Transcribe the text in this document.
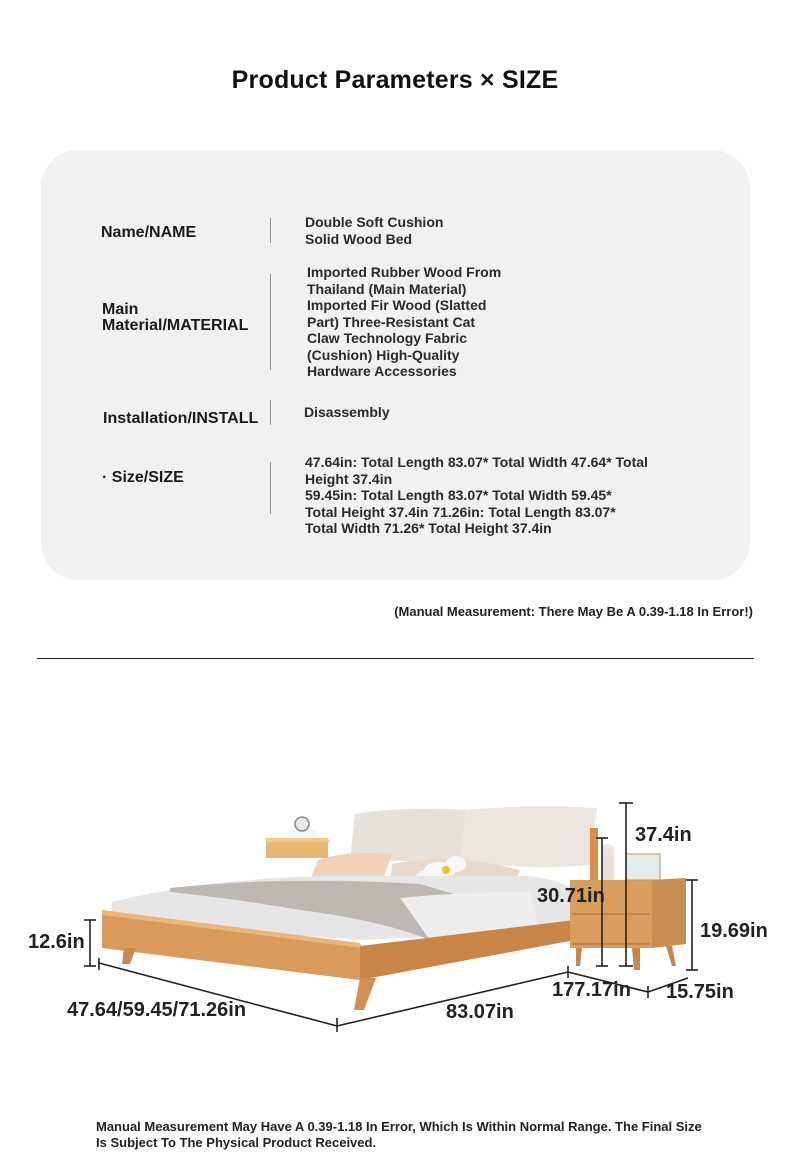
Product Parameters × SIZE
Name/NAME
Double Soft Cushion
Solid Wood Bed
Main
Material/MATERIAL
Imported Rubber Wood From
Thailand (Main Material)
Imported Fir Wood (Slatted
Part) Three-Resistant Cat
Claw Technology Fabric
(Cushion) High-Quality
Hardware Accessories
Installation/INSTALL	Disassembly
· Size/SIZE
47.64in: Total Length 83.07* Total Width 47.64* Total
Height 37.4in
59.45in: Total Length 83.07* Total Width 59.45*
Total Height 37.4in 71.26in: Total Length 83.07*
Total Width 71.26* Total Height 37.4in
(Manual Measurement: There May Be A 0.39-1.18 In Error!)
12.6in
47.64/59.45/71.26in	83.07in
37.4in
30.71in
19.69in
177.17in 15.75in
Manual Measurement May Have A 0.39-1.18 In Error, Which Is Within Normal Range. The Final Size Is Subject To The Physical Product Received.
